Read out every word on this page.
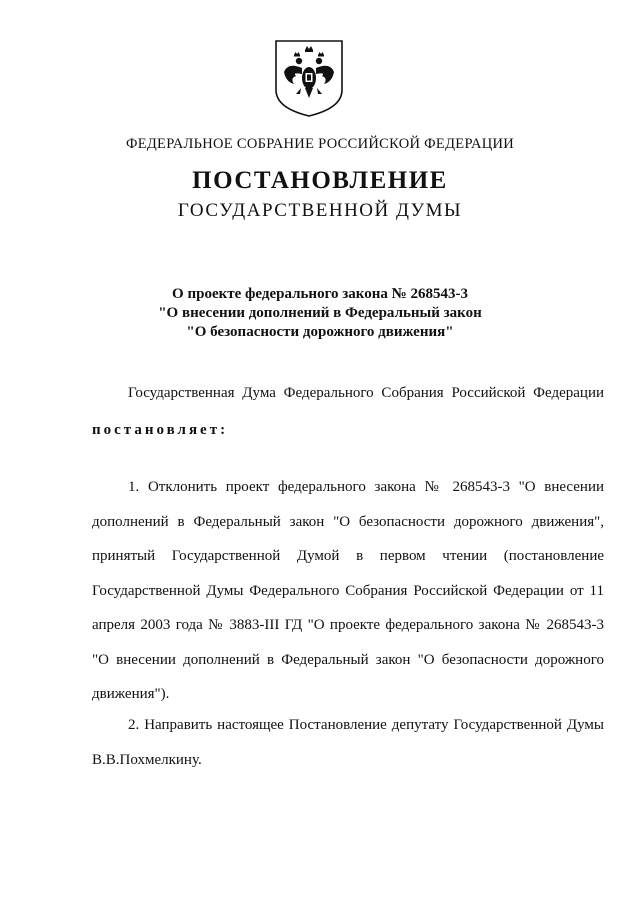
ФЕДЕРАЛЬНОЕ СОБРАНИЕ РОССИЙСКОЙ ФЕДЕРАЦИИ
ПОСТАНОВЛЕНИЕ
ГОСУДАРСТВЕННОЙ ДУМЫ
О проекте федерального закона № 268543-3
"О внесении дополнений в Федеральный закон
"О безопасности дорожного движения"
Государственная Дума Федерального Собрания Российской Федерации
постановляет:

1. Отклонить проект федерального закона № 268543-3 "О внесении дополнений в Федеральный закон "О безопасности дорожного движения", принятый Государственной Думой в первом чтении (постановление Государственной Думы Федерального Собрания Российской Федерации от 11 апреля 2003 года № 3883-III ГД "О проекте федерального закона № 268543-3 "О внесении дополнений в Федеральный закон "О безопасности дорожного движения").

2. Направить настоящее Постановление депутату Государственной Думы В.В.Похмелкину.
